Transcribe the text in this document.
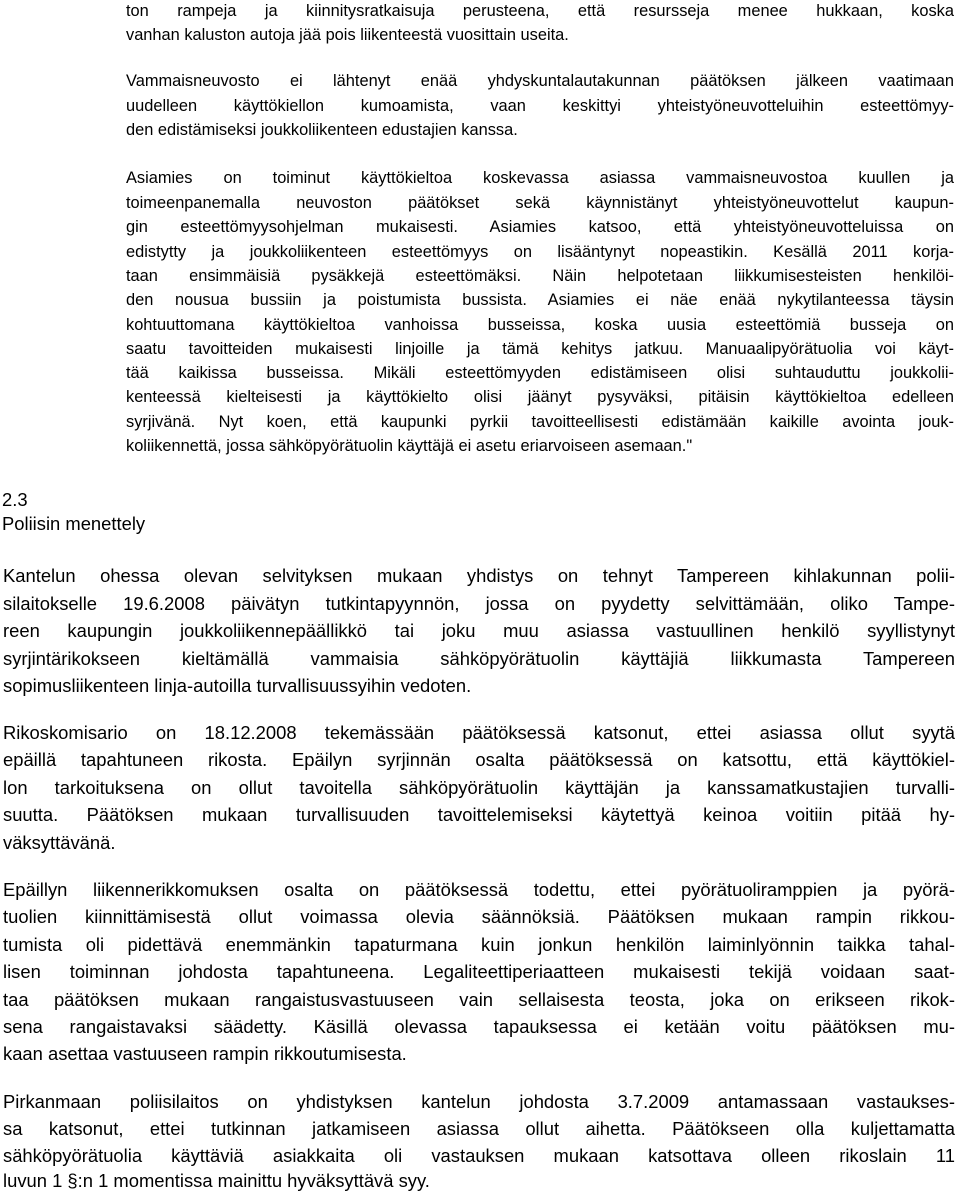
ton rampeja ja kiinnitysratkaisuja perusteena, että resursseja menee hukkaan, koska

vanhan kaluston autoja jää pois liikenteestä vuosittain useita.

Vammaisneuvosto ei lähtenyt enää yhdyskuntalautakunnan päätöksen jälkeen vaatimaan

uudelleen käyttökiellon kumoamista, vaan keskittyi yhteistyöneuvotteluihin esteettömyy-

den edistämiseksi joukkoliikenteen edustajien kanssa.

Asiamies on toiminut käyttökieltoa koskevassa asiassa vammaisneuvostoa kuullen ja

toimeenpanemalla neuvoston päätökset sekä käynnistänyt yhteistyöneuvottelut kaupun-

gin esteettömyysohjelman mukaisesti. Asiamies katsoo, että yhteistyöneuvotteluissa on

edistytty ja joukkoliikenteen esteettömyys on lisääntynyt nopeastikin. Kesällä 2011 korja-

taan ensimmäisiä pysäkkejä esteettömäksi. Näin helpotetaan liikkumisesteisten henkilöi-

den nousua bussiin ja poistumista bussista. Asiamies ei näe enää nykytilanteessa täysin

kohtuuttomana käyttökieltoa vanhoissa busseissa, koska uusia esteettömiä busseja on

saatu tavoitteiden mukaisesti linjoille ja tämä kehitys jatkuu. Manuaalipyörätuolia voi käyt-

tää kaikissa busseissa. Mikäli esteettömyyden edistämiseen olisi suhtauduttu joukkolii-

kenteessä kielteisesti ja käyttökielto olisi jäänyt pysyväksi, pitäisin käyttökieltoa edelleen

syrjivänä. Nyt koen, että kaupunki pyrkii tavoitteellisesti edistämään kaikille avointa jouk-

koliikennettä, jossa sähköpyörätuolin käyttäjä ei asetu eriarvoiseen asemaan."

2.3

Poliisin menettely

Kantelun ohessa olevan selvityksen mukaan yhdistys on tehnyt Tampereen kihlakunnan polii-

silaitokselle 19.6.2008 päivätyn tutkintapyynnön, jossa on pyydetty selvittämään, oliko Tampe-

reen kaupungin joukkoliikennepäällikkö tai joku muu asiassa vastuullinen henkilö syyllistynyt

syrjintärikokseen kieltämällä vammaisia sähköpyörätuolin käyttäjiä liikkumasta Tampereen

sopimusliikenteen linja-autoilla turvallisuussyihin vedoten.

Rikoskomisario on 18.12.2008 tekemässään päätöksessä katsonut, ettei asiassa ollut syytä

epäillä tapahtuneen rikosta. Epäilyn syrjinnän osalta päätöksessä on katsottu, että käyttökiel-

lon tarkoituksena on ollut tavoitella sähköpyörätuolin käyttäjän ja kanssamatkustajien turvalli-

suutta. Päätöksen mukaan turvallisuuden tavoittelemiseksi käytettyä keinoa voitiin pitää hy-

väksyttävänä.

Epäillyn liikennerikkomuksen osalta on päätöksessä todettu, ettei pyörätuoliramppien ja pyörä-

tuolien kiinnittämisestä ollut voimassa olevia säännöksiä. Päätöksen mukaan rampin rikkou-

tumista oli pidettävä enemmänkin tapaturmana kuin jonkun henkilön laiminlyönnin taikka tahal-

lisen toiminnan johdosta tapahtuneena. Legaliteettiperiaatteen mukaisesti tekijä voidaan saat-

taa päätöksen mukaan rangaistusvastuuseen vain sellaisesta teosta, joka on erikseen rikok-

sena rangaistavaksi säädetty. Käsillä olevassa tapauksessa ei ketään voitu päätöksen mu-

kaan asettaa vastuuseen rampin rikkoutumisesta.

Pirkanmaan poliisilaitos on yhdistyksen kantelun johdosta 3.7.2009 antamassaan vastaukses-

sa katsonut, ettei tutkinnan jatkamiseen asiassa ollut aihetta. Päätökseen olla kuljettamatta

sähköpyörätuolia käyttäviä asiakkaita oli vastauksen mukaan katsottava olleen rikoslain 11

luvun 1 §:n 1 momentissa mainittu hyväksyttävä syy.
